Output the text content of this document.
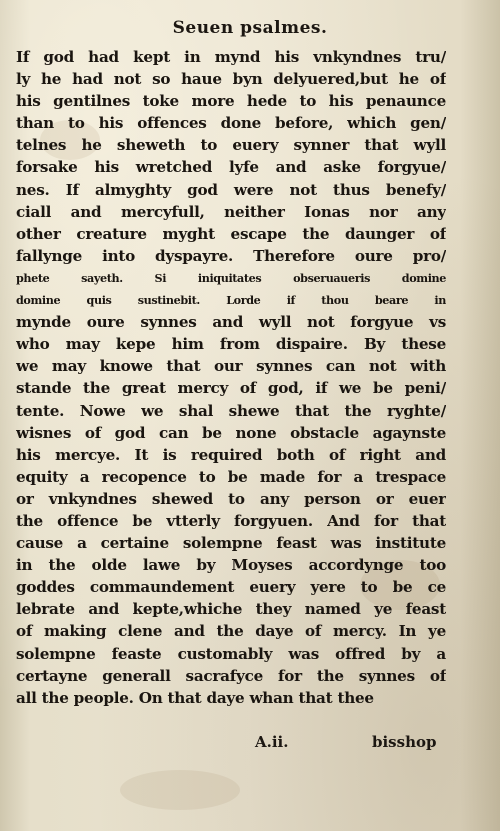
Seuen psalmes.
If god had kept in mynd his vnkyndnes tru/
ly he had not so haue byn delyuered,but he of
his gentilnes toke more hede to his penaunce
than to his offences done before, which gen/
telnes he sheweth to euery synner that wyll
forsake his wretched lyfe and aske forgyue/
nes. If almyghty god were not thus benefy/
ciall and mercyfull, neither Ionas nor any
other creature myght escape the daunger of
fallynge into dyspayre. Therefore oure pro/
phete sayeth. Si iniquitates obseruaueris domine
domine quis sustinebit. Lorde if thou beare in
mynde oure synnes and wyll not forgyue vs
who may kepe him from dispaire. By these
we may knowe that our synnes can not with
stande the great mercy of god, if we be peni/
tente. Nowe we shal shewe that the ryghte/
wisnes of god can be none obstacle agaynste
his mercye. It is required both of right and
equity a recopence to be made for a trespace
or vnkyndnes shewed to any person or euer
the offence be vtterly forgyuen. And for that
cause a certaine solempne feast was institute
in the olde lawe by Moyses accordynge too
goddes commaundement euery yere to be ce
lebrate and kepte,whiche they named ye feast
of making clene and the daye of mercy. In ye
solempne feaste customably was offred by a
certayne generall sacrafyce for the synnes of
all the people. On that daye whan that thee
A.ii.	bisshop
